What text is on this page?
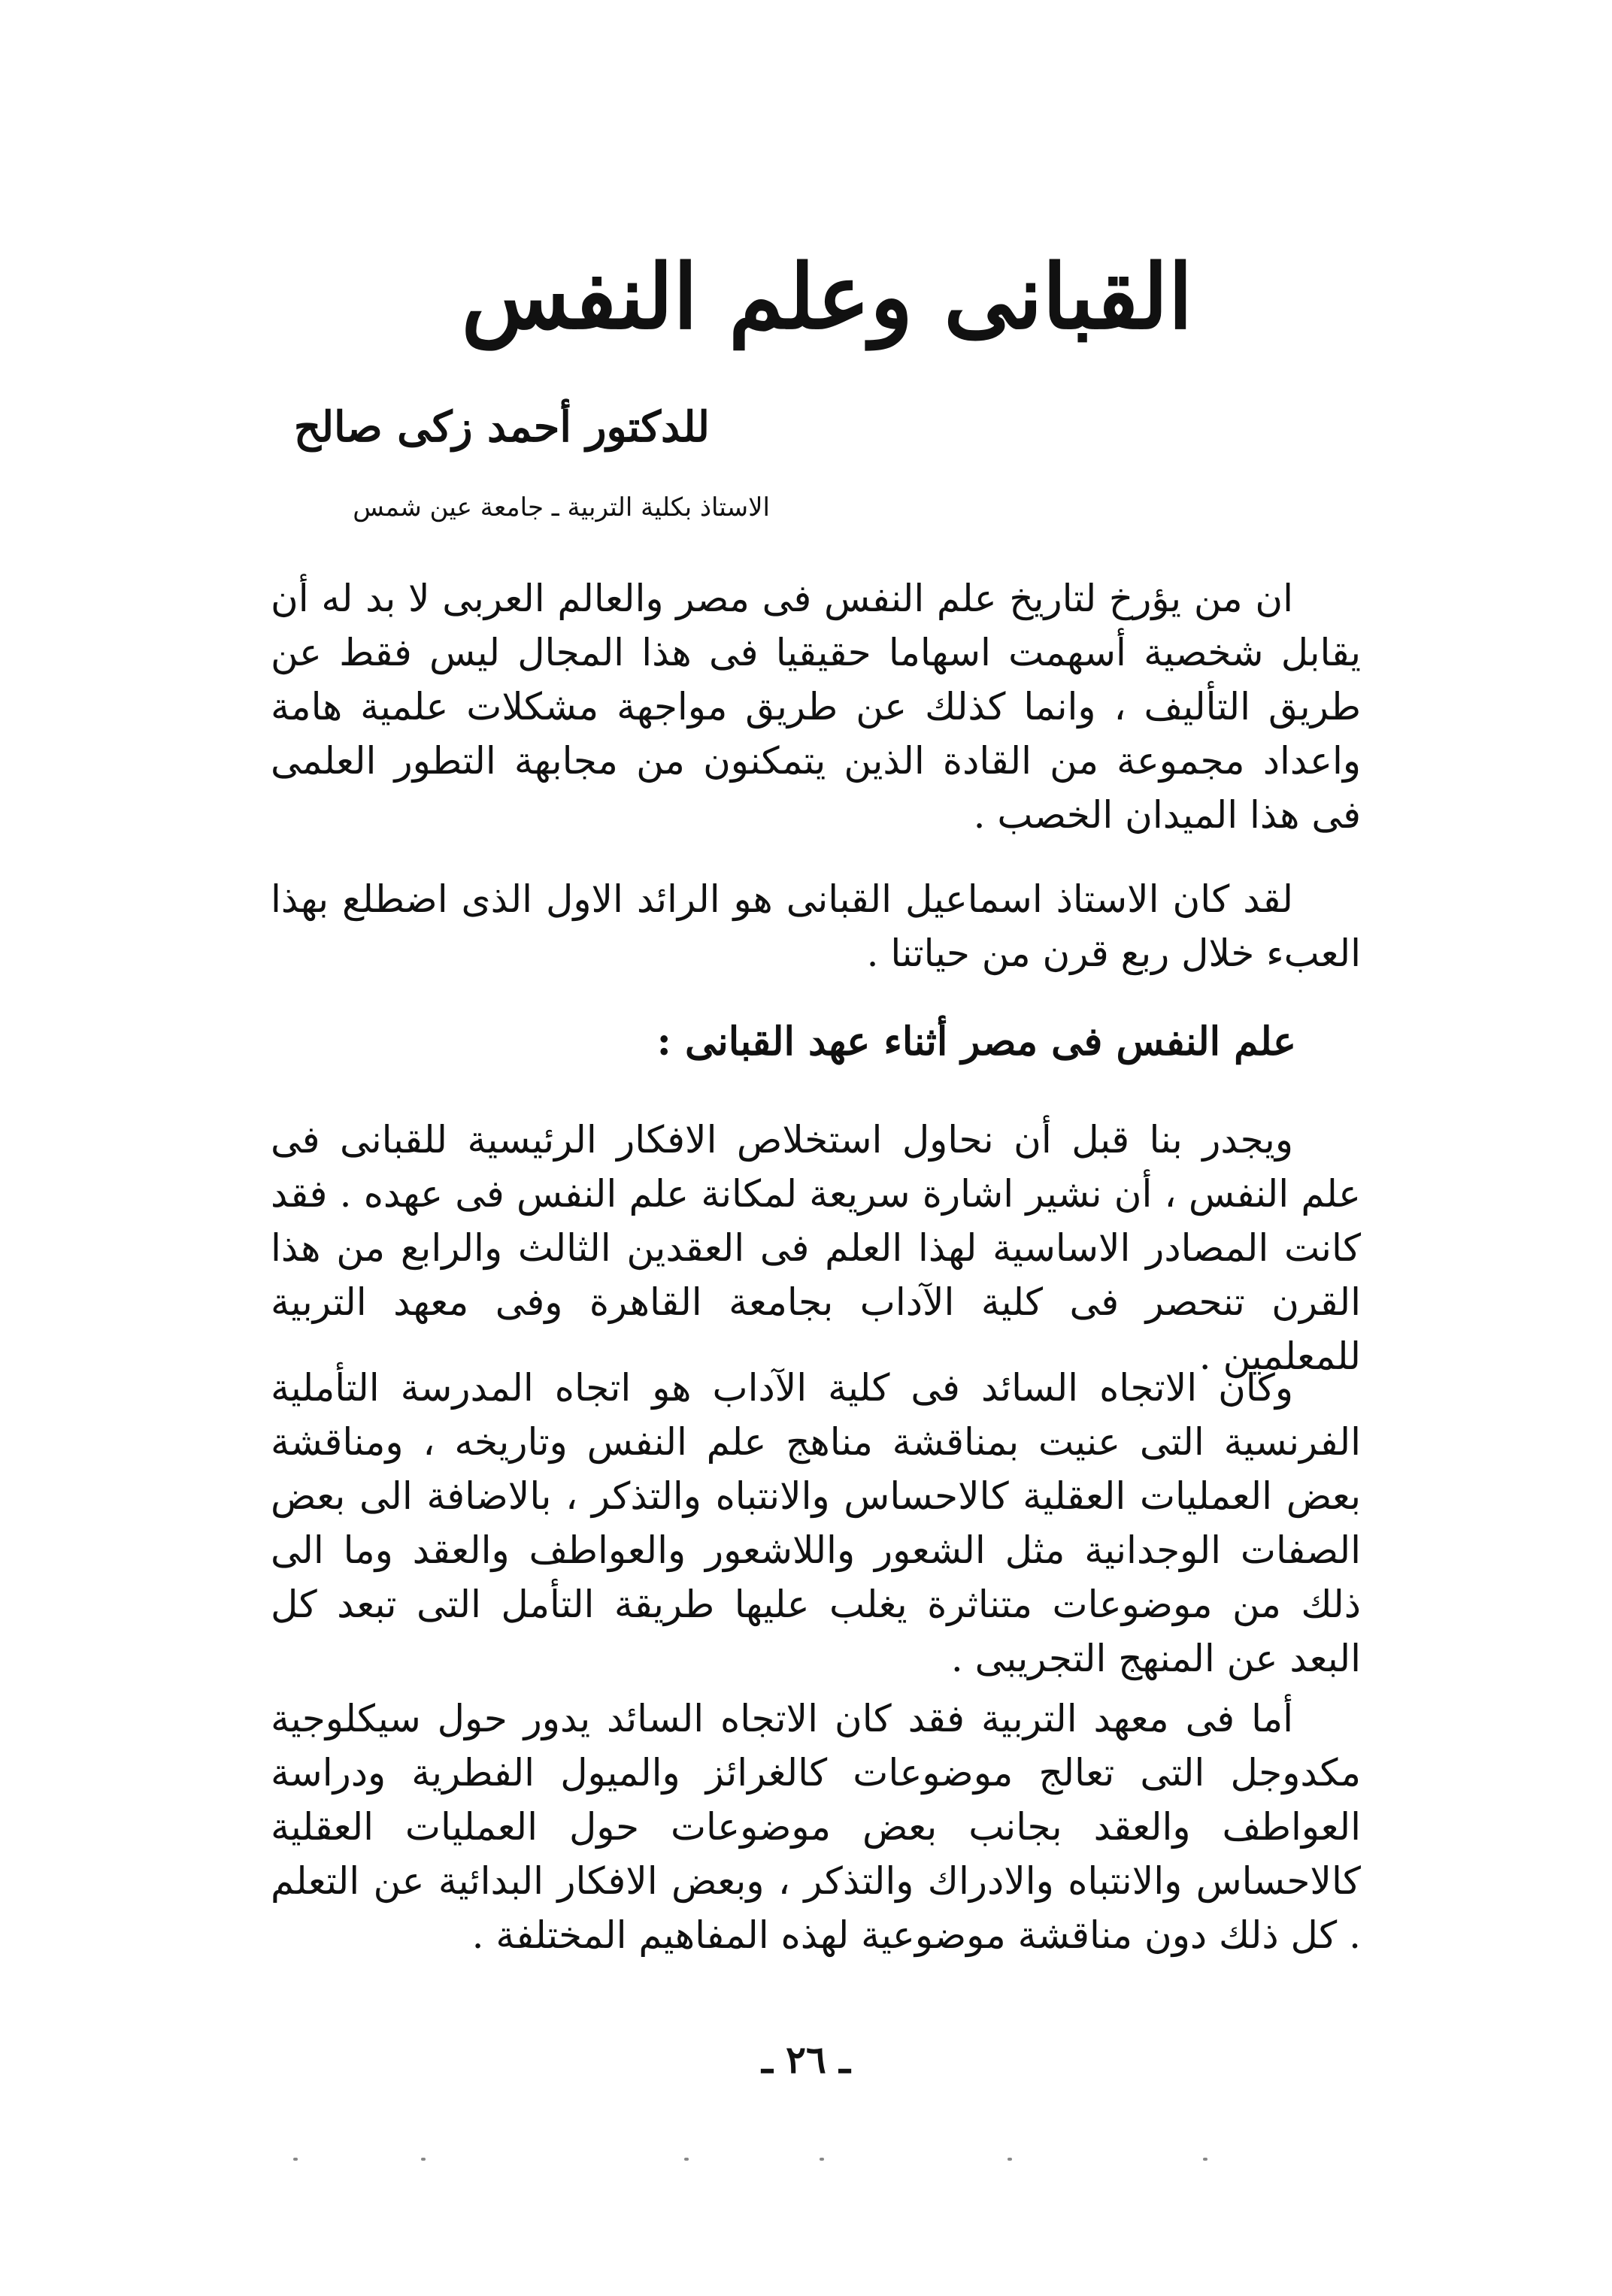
القبانى وعلم النفس
للدكتور أحمد زكى صالح
الاستاذ بكلية التربية ـ جامعة عين شمس

ان من يؤرخ لتاريخ علم النفس فى مصر والعالم العربى لا بد له أن يقابل شخصية أسهمت اسهاما حقيقيا فى هذا المجال ليس فقط عن طريق التأليف ، وانما كذلك عن طريق مواجهة مشكلات علمية هامة واعداد مجموعة من القادة الذين يتمكنون من مجابهة التطور العلمى فى هذا الميدان الخصب .

لقد كان الاستاذ اسماعيل القبانى هو الرائد الاول الذى اضطلع بهذا العبء خلال ربع قرن من حياتنا .

علم النفس فى مصر أثناء عهد القبانى :

ويجدر بنا قبل أن نحاول استخلاص الافكار الرئيسية للقبانى فى علم النفس ، أن نشير اشارة سريعة لمكانة علم النفس فى عهده . فقد كانت المصادر الاساسية لهذا العلم فى العقدين الثالث والرابع من هذا القرن تنحصر فى كلية الآداب بجامعة القاهرة وفى معهد التربية للمعلمين .

وكان الاتجاه السائد فى كلية الآداب هو اتجاه المدرسة التأملية الفرنسية التى عنيت بمناقشة مناهج علم النفس وتاريخه ، ومناقشة بعض العمليات العقلية كالاحساس والانتباه والتذكر ، بالاضافة الى بعض الصفات الوجدانية مثل الشعور واللاشعور والعواطف والعقد وما الى ذلك من موضوعات متناثرة يغلب عليها طريقة التأمل التى تبعد كل البعد عن المنهج التجريبى .

أما فى معهد التربية فقد كان الاتجاه السائد يدور حول سيكلوجية مكدوجل التى تعالج موضوعات كالغرائز والميول الفطرية ودراسة العواطف والعقد بجانب بعض موضوعات حول العمليات العقلية كالاحساس والانتباه والادراك والتذكر ، وبعض الافكار البدائية عن التعلم . كل ذلك دون مناقشة موضوعية لهذه المفاهيم المختلفة .

ـ ٢٦ ـ
